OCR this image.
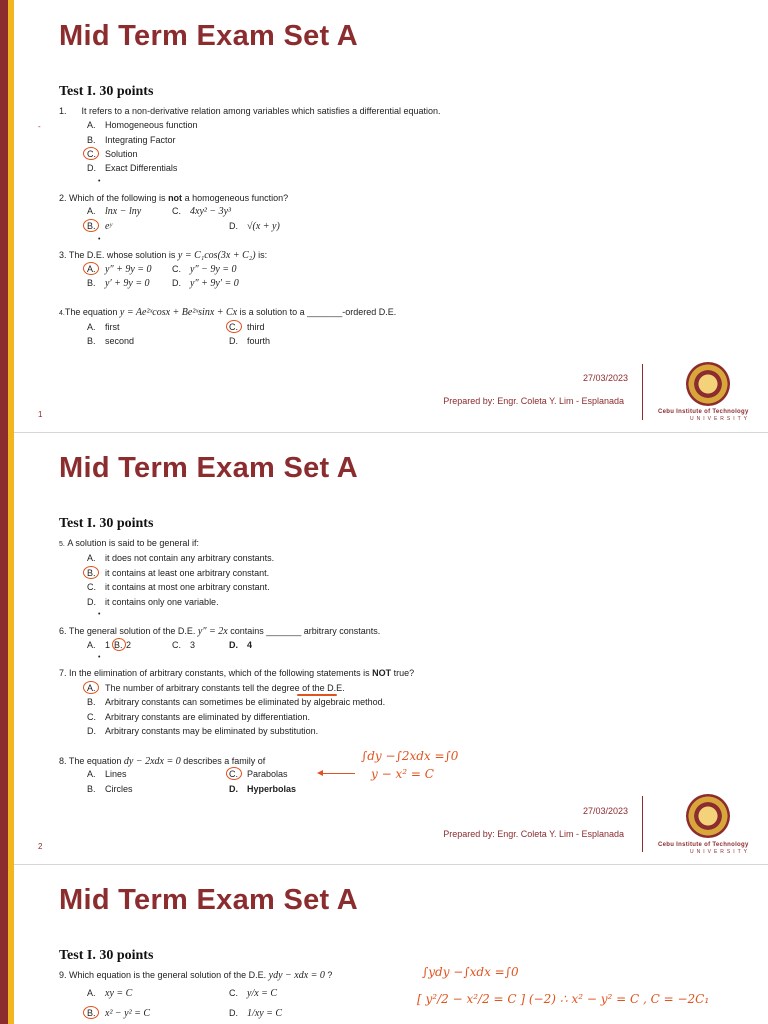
Mid Term Exam Set A
Test I. 30 points
-
1. It refers to a non-derivative relation among variables which satisfies a differential equation.
A. Homogeneous function
B. Integrating Factor
C. Solution
D. Exact Differentials
•
2. Which of the following is not a homogeneous function?
A. lnx − lny	C. 4xy² − 3y³
B. eʸ	D. √(x + y)
•
3. The D.E. whose solution is y = C₁cos(3x + C₂) is:
A. y″ + 9y = 0 C. y″ − 9y = 0
B. y′ + 9y = 0 D. y″ + 9y′ = 0
4.The equation y = Ae²ˣcosx + Be²ˣsinx + Cx is a solution to a _______-ordered D.E.
A. first	C. third
B. second	D. fourth
27/03/2023
Prepared by: Engr. Coleta Y. Lim - Esplanada
Cebu Institute of Technology
UNIVERSITY
1
Mid Term Exam Set A
Test I. 30 points
5. A solution is said to be general if:
A. it does not contain any arbitrary constants.
B. it contains at least one arbitrary constant.
C. it contains at most one arbitrary constant.
D. it contains only one variable.
•
6. The general solution of the D.E. y″ = 2x contains _______ arbitrary constants.
A. 1 B. 2	C. 3	D. 4
•
7. In the elimination of arbitrary constants, which of the following statements is NOT true?
A. The number of arbitrary constants tell the degree of the D.E.
B. Arbitrary constants can sometimes be eliminated by algebraic method.
C. Arbitrary constants are eliminated by differentiation.
D. Arbitrary constants may be eliminated by substitution.
8. The equation dy − 2xdx = 0 describes a family of
A. Lines	C. Parabolas
B. Circles	D. Hyperbolas
∫dy −∫2xdx =∫0
y − x² = C
27/03/2023
Prepared by: Engr. Coleta Y. Lim - Esplanada
Cebu Institute of Technology
UNIVERSITY
2
Mid Term Exam Set A
Test I. 30 points
9. Which equation is the general solution of the D.E. ydy − xdx = 0 ?
A. xy = C	C. y/x = C
B. x² − y² = C	D. 1/xy = C
∫ydy −∫xdx =∫0
[ y²/2 − x²/2 = C ] (−2) ∴ x² − y² = C , C = −2C₁
